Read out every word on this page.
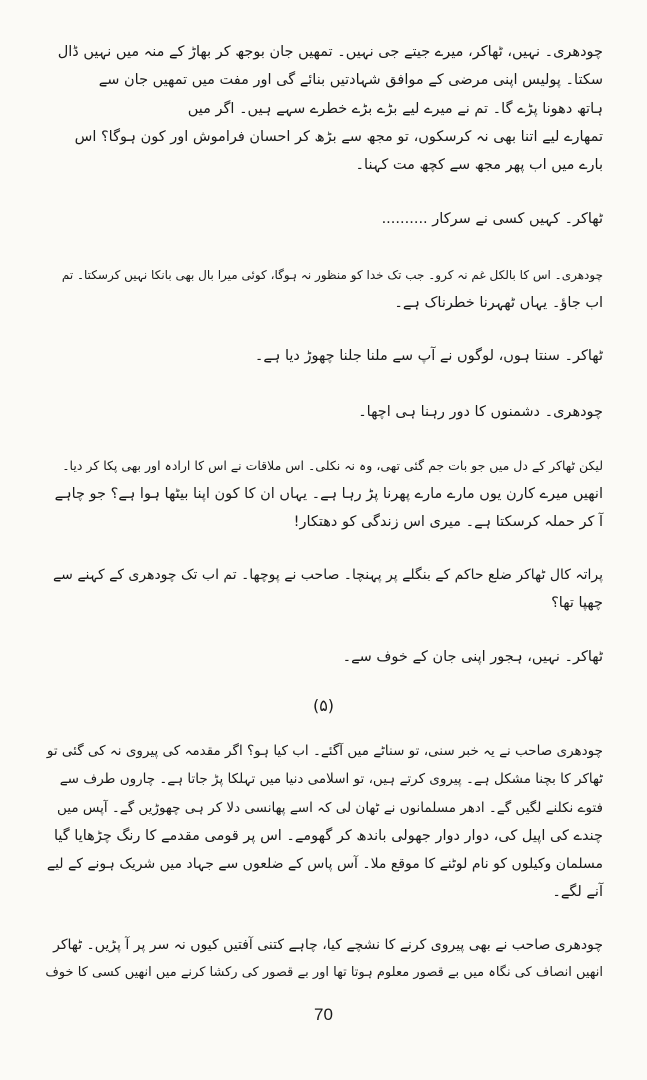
چودھری۔ نہیں، ٹھاکر، میرے جیتے جی نہیں۔ تمھیں جان بوجھ کر بھاڑ کے منہ میں نہیں ڈال
سکتا۔ پولیس اپنی مرضی کے موافق شہادتیں بنائے گی اور مفت میں تمھیں جان سے
ہاتھ دھونا پڑے گا۔ تم نے میرے لیے بڑے بڑے خطرے سہے ہیں۔ اگر میں
تمھارے لیے اتنا بھی نہ کرسکوں، تو مجھ سے بڑھ کر احسان فراموش اور کون ہوگا؟ اس
بارے میں اب پھر مجھ سے کچھ مت کہنا۔
ٹھاکر۔ کہیں کسی نے سرکار ..........
چودھری۔ اس کا بالکل غم نہ کرو۔ جب تک خدا کو منظور نہ ہوگا، کوئی میرا بال بھی بانکا نہیں کرسکتا۔ تم
اب جاؤ۔ یہاں ٹھہرنا خطرناک ہے۔
ٹھاکر۔ سنتا ہوں، لوگوں نے آپ سے ملنا جلنا چھوڑ دیا ہے۔
چودھری۔ دشمنوں کا دور رہنا ہی اچھا۔
لیکن ٹھاکر کے دل میں جو بات جم گئی تھی، وہ نہ نکلی۔ اس ملاقات نے اس کا ارادہ اور بھی پکا کر دیا۔
انھیں میرے کارن یوں مارے مارے پھرنا پڑ رہا ہے۔ یہاں ان کا کون اپنا بیٹھا ہوا ہے؟ جو چاہے
آ کر حملہ کرسکتا ہے۔ میری اس زندگی کو دھتکار!
پراتہ کال ٹھاکر ضلع حاکم کے بنگلے پر پہنچا۔ صاحب نے پوچھا۔ تم اب تک چودھری کے کہنے سے
چھپا تھا؟
ٹھاکر۔ نہیں، ہجور اپنی جان کے خوف سے۔
(۵)
چودھری صاحب نے یہ خبر سنی، تو سناٹے میں آگئے۔ اب کیا ہو؟ اگر مقدمہ کی پیروی نہ کی گئی تو
ٹھاکر کا بچنا مشکل ہے۔ پیروی کرتے ہیں، تو اسلامی دنیا میں تہلکا پڑ جاتا ہے۔ چاروں طرف سے
فتوے نکلنے لگیں گے۔ ادھر مسلمانوں نے ٹھان لی کہ اسے پھانسی دلا کر ہی چھوڑیں گے۔ آپس میں
چندے کی اپیل کی، دوار دوار جھولی باندھ کر گھومے۔ اس پر قومی مقدمے کا رنگ چڑھایا گیا
مسلمان وکیلوں کو نام لوٹنے کا موقع ملا۔ آس پاس کے ضلعوں سے جہاد میں شریک ہونے کے لیے
آنے لگے۔
چودھری صاحب نے بھی پیروی کرنے کا نشچے کیا، چاہے کتنی آفتیں کیوں نہ سر پر آ پڑیں۔ ٹھاکر
انھیں انصاف کی نگاہ میں بے قصور معلوم ہوتا تھا اور بے قصور کی رکشا کرنے میں انھیں کسی کا خوف
70
